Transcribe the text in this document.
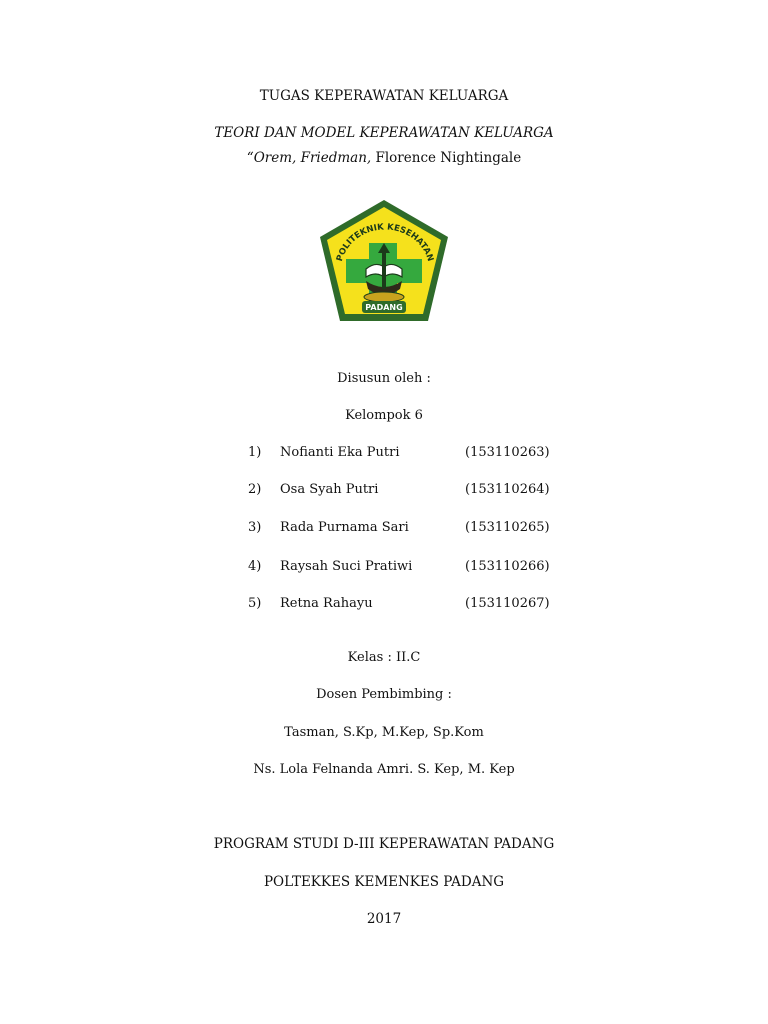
TUGAS KEPERAWATAN KELUARGA
TEORI DAN MODEL KEPERAWATAN KELUARGA
“Orem, Friedman, Florence Nightingale
POLITEKNIK KESEHATAN
PADANG
Disusun oleh :
Kelompok 6
1) Nofianti Eka Putri	(153110263)
2) Osa Syah Putri	(153110264)
3) Rada Purnama Sari	(153110265)
4) Raysah Suci Pratiwi	(153110266)
5) Retna Rahayu	(153110267)
Kelas : II.C
Dosen Pembimbing :
Tasman, S.Kp, M.Kep, Sp.Kom
Ns. Lola Felnanda Amri. S. Kep, M. Kep
PROGRAM STUDI D-III KEPERAWATAN PADANG
POLTEKKES KEMENKES PADANG
2017
